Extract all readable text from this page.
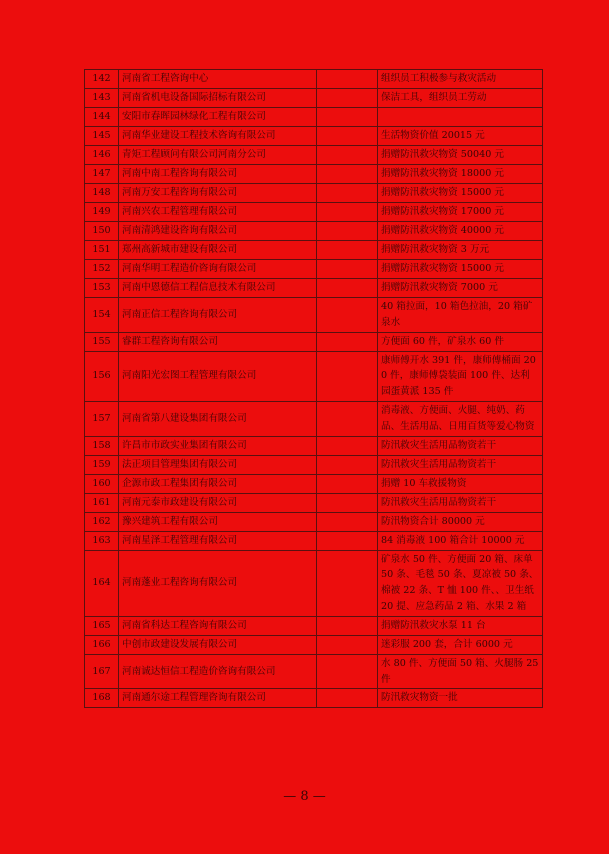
142	河南省工程咨询中心		组织员工积极参与救灾活动
143	河南省机电设备国际招标有限公司		保洁工具，组织员工劳动
144	安阳市春晖园林绿化工程有限公司		
145	河南华业建设工程技术咨询有限公司		生活物资价值 20015 元
146	青矩工程顾问有限公司河南分公司		捐赠防汛救灾物资 50040 元
147	河南中南工程咨询有限公司		捐赠防汛救灾物资 18000 元
148	河南万安工程咨询有限公司		捐赠防汛救灾物资 15000 元
149	河南兴农工程管理有限公司		捐赠防汛救灾物资 17000 元
150	河南清鸿建设咨询有限公司		捐赠防汛救灾物资 40000 元
151	郑州高新城市建设有限公司		捐赠防汛救灾物资 3 万元
152	河南华明工程造价咨询有限公司		捐赠防汛救灾物资 15000 元
153	河南中恩德信工程信息技术有限公司		捐赠防汛救灾物资 7000 元
154	河南正信工程咨询有限公司		40 箱拉面，10 箱色拉油，20 箱矿泉水
155	睿群工程咨询有限公司		方便面 60 件，矿泉水 60 件
156	河南阳光宏图工程管理有限公司		康师傅开水 391 件，康师傅桶面 200 件，康师傅袋装面 100 件、达利园蛋黄派 135 件
157	河南省第八建设集团有限公司		消毒液、方便面、火腿、纯奶、药品、生活用品、日用百货等爱心物资
158	许昌市市政实业集团有限公司		防汛救灾生活用品物资若干
159	法正项目管理集团有限公司		防汛救灾生活用品物资若干
160	企源市政工程集团有限公司		捐赠 10 车救援物资
161	河南元泰市政建设有限公司		防汛救灾生活用品物资若干
162	豫兴建筑工程有限公司		防汛物资合计 80000 元
163	河南星泽工程管理有限公司		84 消毒液 100 箱合计 10000 元
164	河南蓬业工程咨询有限公司		矿泉水 50 件、方便面 20 箱、床单 50 条、毛毯 50 条、夏凉被 50 条、棉被 22 条、T 恤 100 件、、卫生纸 20 提、应急药品 2 箱、水果 2 箱
165	河南省科达工程咨询有限公司		捐赠防汛救灾水泵 11 台
166	中创市政建设发展有限公司		迷彩服 200 套，合计 6000 元
167	河南诚达恒信工程造价咨询有限公司		水 80 件、方便面 50 箱、火腿肠 25 件
168	河南通尔途工程管理咨询有限公司		防汛救灾物资一批
— 8 —
